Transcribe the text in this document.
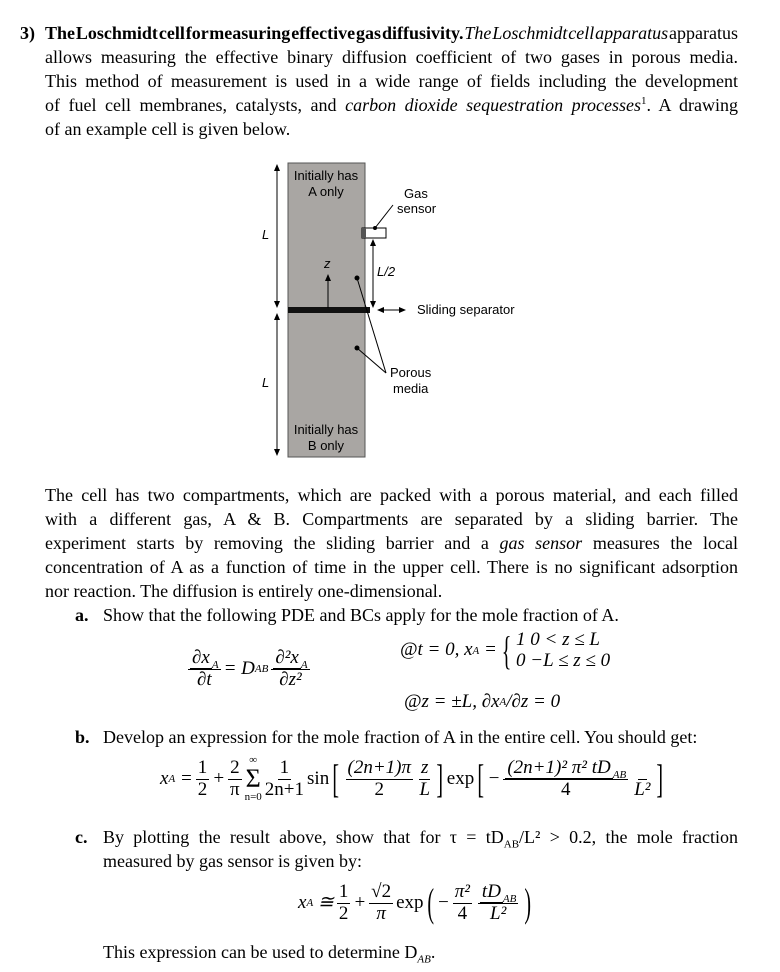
3) The Loschmidt cell for measuring effective gas diffusivity. The Loschmidt cell apparatus apparatus
allows measuring the effective binary diffusion coefficient of two gases in porous media.
This method of measurement is used in a wide range of fields including the development
of fuel cell membranes, catalysts, and carbon dioxide sequestration processes$^1$. A drawing
of an example cell is given below.
Initially has
A only
Initially has
B only
Gas
sensor
L
L
z
L/2
Sliding separator
Porous
media
The cell has two compartments, which are packed with a porous material, and each filled
with a different gas, A & B. Compartments are separated by a sliding barrier. The
experiment starts by removing the sliding barrier and a gas sensor measures the local
concentration of A as a function of time in the upper cell. There is no significant adsorption
nor reaction. The diffusion is entirely one-dimensional.
a. Show that the following PDE and BCs apply for the mole fraction of A.
$\frac{\partial x _A}{\partial t} = D$ AB $\frac{\partial^2x _A}{\text{∂z²}}$	@t = 0, x A = { 1 0 < z ≤ L
0 −L ≤ z ≤ 0
@z = ±L, ∂x A /∂z = 0
b. Develop an expression for the mole fraction of A in the entire cell. You should get:
x A
= $\frac{1}{2} + \frac{2}{\pi}$ ∞
Σ
$n=0 \frac{1}{2n+1}$ sin [ $\frac{(2n+1)\pi}{2} \frac{z}{L}$ ] exp [ − $\frac{(2n+1)^2 \pi^2 tD _{AB}}{4}$
L² ]
c. By plotting the result above, show that for $\tau = tD_{AB}/L^2 > 0.2$, the mole fraction measured by gas sensor is given by:
x A
≅ $\frac{1}{2} + \frac{√2}{\pi}$ exp ( − $\frac{\text{π²}}{4} \frac{tD _{AB}}{\text{L²}}$ )
This expression can be used to determine $D_{AB}$.
